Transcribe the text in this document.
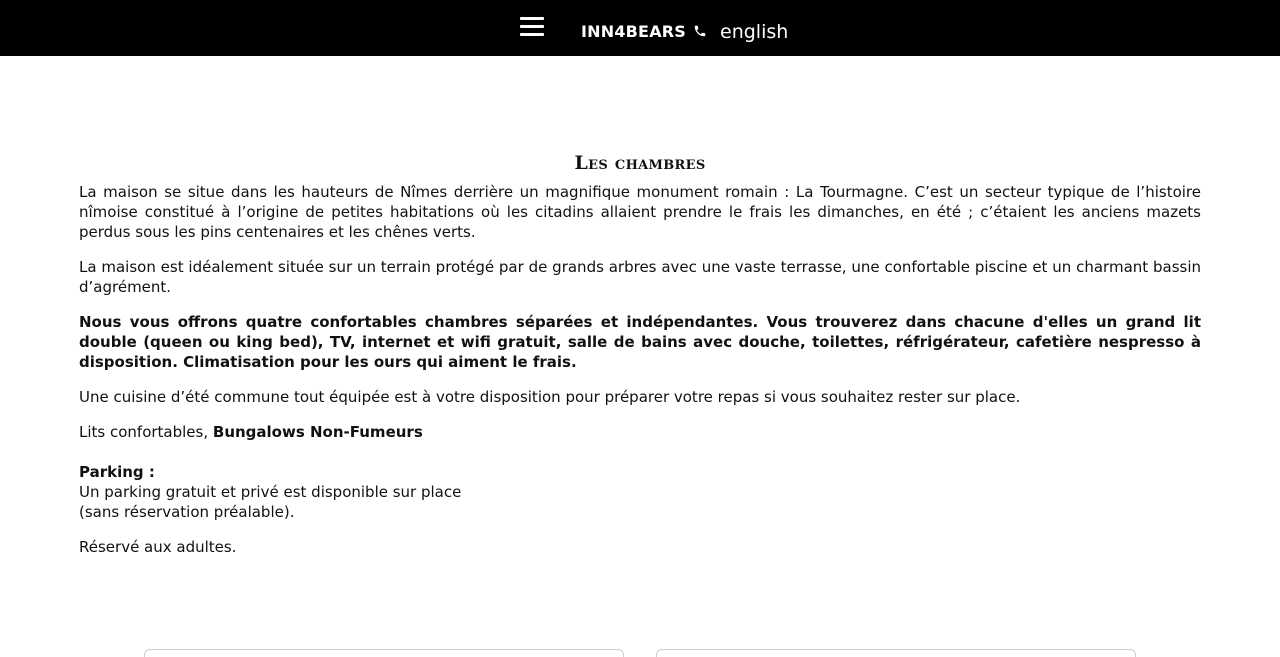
INN4BEARS english
Les chambres

La maison se situe dans les hauteurs de Nîmes derrière un magnifique monument romain : La Tourmagne. C’est un secteur typique de l’histoire nîmoise constitué à l’origine de petites habitations où les citadins allaient prendre le frais les dimanches, en été ; c’étaient les anciens mazets perdus sous les pins centenaires et les chênes verts.

La maison est idéalement située sur un terrain protégé par de grands arbres avec une vaste terrasse, une confortable piscine et un charmant bassin d’agrément.

Nous vous offrons quatre confortables chambres séparées et indépendantes. Vous trouverez dans chacune d'elles un grand lit double (queen ou king bed), TV, internet et wifi gratuit, salle de bains avec douche, toilettes, réfrigérateur, cafetière nespresso à disposition. Climatisation pour les ours qui aiment le frais.

Une cuisine d’été commune tout équipée est à votre disposition pour préparer votre repas si vous souhaitez rester sur place.

Lits confortables, Bungalows Non-Fumeurs

Parking :
Un parking gratuit et privé est disponible sur place
(sans réservation préalable).

Réservé aux adultes.
